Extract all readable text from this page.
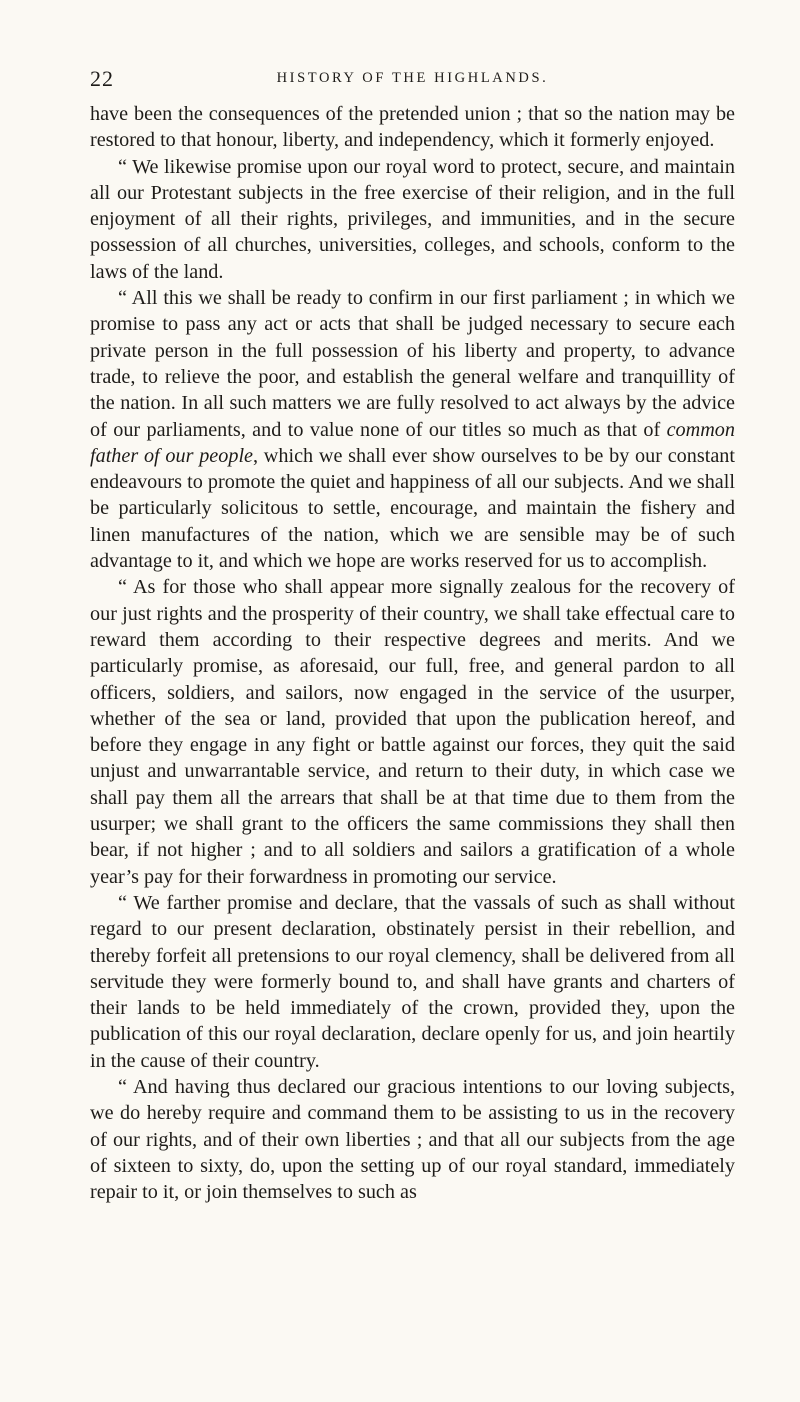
22	HISTORY OF THE HIGHLANDS.

have been the consequences of the pretended union ; that so the nation may be restored to that honour, liberty, and independency, which it formerly enjoyed.

“ We likewise promise upon our royal word to protect, secure, and maintain all our Protestant subjects in the free exercise of their religion, and in the full enjoyment of all their rights, privileges, and immunities, and in the secure possession of all churches, universities, colleges, and schools, conform to the laws of the land.

“ All this we shall be ready to confirm in our first parliament ; in which we promise to pass any act or acts that shall be judged necessary to secure each private person in the full possession of his liberty and property, to advance trade, to relieve the poor, and establish the general welfare and tranquillity of the nation. In all such matters we are fully resolved to act always by the advice of our parliaments, and to value none of our titles so much as that of common father of our people, which we shall ever show ourselves to be by our constant endeavours to promote the quiet and happiness of all our subjects. And we shall be particularly solicitous to settle, encourage, and maintain the fishery and linen manufactures of the nation, which we are sensible may be of such advantage to it, and which we hope are works reserved for us to accomplish.

“ As for those who shall appear more signally zealous for the recovery of our just rights and the prosperity of their country, we shall take effectual care to reward them according to their respective degrees and merits. And we particularly promise, as aforesaid, our full, free, and general pardon to all officers, soldiers, and sailors, now engaged in the service of the usurper, whether of the sea or land, provided that upon the publication hereof, and before they engage in any fight or battle against our forces, they quit the said unjust and unwarrantable service, and return to their duty, in which case we shall pay them all the arrears that shall be at that time due to them from the usurper; we shall grant to the officers the same commissions they shall then bear, if not higher ; and to all soldiers and sailors a gratification of a whole year’s pay for their forwardness in promoting our service.

“ We farther promise and declare, that the vassals of such as shall without regard to our present declaration, obstinately persist in their rebellion, and thereby forfeit all pretensions to our royal clemency, shall be delivered from all servitude they were formerly bound to, and shall have grants and charters of their lands to be held immediately of the crown, provided they, upon the publication of this our royal declaration, declare openly for us, and join heartily in the cause of their country.

“ And having thus declared our gracious intentions to our loving subjects, we do hereby require and command them to be assisting to us in the recovery of our rights, and of their own liberties ; and that all our subjects from the age of sixteen to sixty, do, upon the setting up of our royal standard, immediately repair to it, or join themselves to such as
